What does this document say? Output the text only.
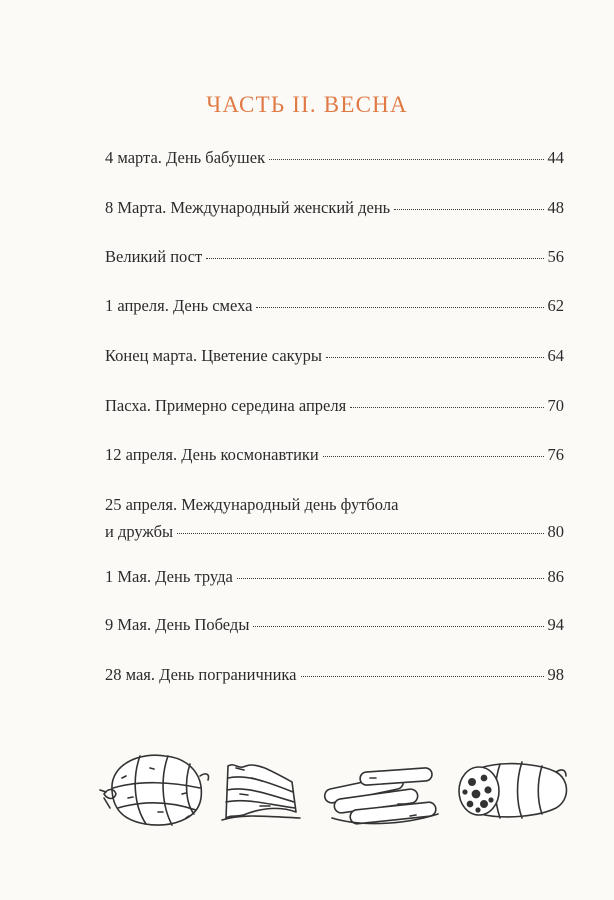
ЧАСТЬ II. ВЕСНА
4 марта. День бабушек	44
8 Марта. Международный женский день	48
Великий пост	56
1 апреля. День смеха	62
Конец марта. Цветение сакуры	64
Пасха. Примерно середина апреля	70
12 апреля. День космонавтики	76
25 апреля. Международный день футбола
и дружбы	80
1 Мая. День труда	86
9 Мая. День Победы	94
28 мая. День пограничника	98
